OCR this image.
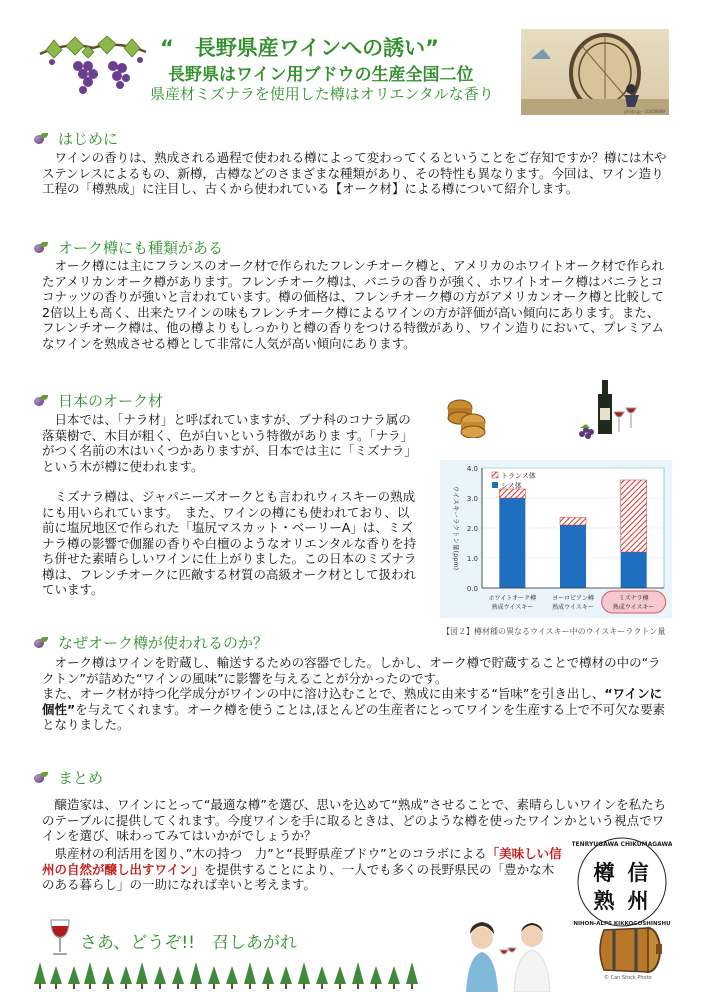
“　長野県産ワインへの誘い”
長野県はワイン用ブドウの生産全国二位
県産材ミズナラを使用した樽はオリエンタルな香り
photo.jp - 10458689
はじめに

　ワインの香りは、熟成される過程で使われる樽によって変わってくるということをご存知ですか？樽には木やステンレスによるもの、新樽，古樽などのさまざまな種類があり、その特性も異なります。今回は、ワイン造り工程の「樽熟成」に注目し、古くから使われている【オーク材】による樽について紹介します。

オーク樽にも種類がある

　オーク樽には主にフランスのオーク材で作られたフレンチオーク樽と、アメリカのホワイトオーク材で作られたアメリカンオーク樽があります。フレンチオーク樽は、バニラの香りが強く、ホワイトオーク樽はバニラとココナッツの香りが強いと言われています。樽の価格は、フレンチオーク樽の方がアメリカンオーク樽と比較して2倍以上も高く、出来たワインの味もフレンチオーク樽によるワインの方が評価が高い傾向にあります。また、フレンチオーク樽は、他の樽よりもしっかりと樽の香りをつける特徴があり、ワイン造りにおいて、プレミアムなワインを熟成させる樽として非常に人気が高い傾向にあります。

日本のオーク材

　日本では、「ナラ材」と呼ばれていますが、ブナ科のコナラ属の落葉樹で、木目が粗く、色が白いという特徴がありま す。「ナラ」がつく名前の木はいくつかありますが、日本では主に「ミズナラ」という木が樽に使われます。

　ミズナラ樽は、ジャパニーズオークとも言われウィスキーの熟成にも用いられています。　また、ワインの樽にも使われており、以前に塩尻地区で作られた「塩尻マスカット・ベーリーA」は、ミズナラ樽の影響で伽羅の香りや白檀のようなオリエンタルな香りを持ち併せた素晴らしいワインに仕上がりました。この日本のミズナラ樽は、フレンチオークに匹敵する材質の高級オーク材として扱われています。	0.0
1.0
2.0
3.0
4.0
ウイスキーラクトン量(ppm)
ホワイトオーク樽
熟成ウイスキー
ヨーロピアン樽
熟成ウイスキー
ミズナラ樽
熟成ウイスキー
トランス体
シス体
【図２】樽材種の異なるウイスキー中のウイスキーラクトン量
なぜオーク樽が使われるのか？

　オーク樽はワインを貯蔵し、輸送するための容器でした。しかし、オーク樽で貯蔵することで樽材の中の“ラクトン”が詰めた“ワインの風味”に影響を与えることが分かったのです。

また、オーク材が持つ化学成分がワインの中に溶け込むことで、熟成に由来する“旨味”を引き出し、“ワインに個性”を与えてくれます。オーク樽を使うことは,ほとんどの生産者にとってワインを生産する上で不可欠な要素となりました。

まとめ

　醸造家は、ワインにとって“最適な樽”を選び、思いを込めて“熟成”させることで、素晴らしいワインを私たちのテーブルに提供してくれます。今度ワインを手に取るときは、どのような樽を使ったワインかという視点でワインを選び、味わってみてはいかがでしょうか？

　県産材の利活用を図り、”木の持つ　力”と“長野県産ブドウ”とのコラボによる「美味しい信州の自然が醸し出すワイン」を提供することにより、一人でも多くの長野県民の「豊かな木のある暮らし」の一助になれば幸いと考えます。

TENRYUGAWA CHIKUMAGAWA
NIHON-ALPS KIKKOGOSHINSHU
樽 信
熟 州
さあ、どうぞ!!　召しあがれ
© Can Stock Photo
